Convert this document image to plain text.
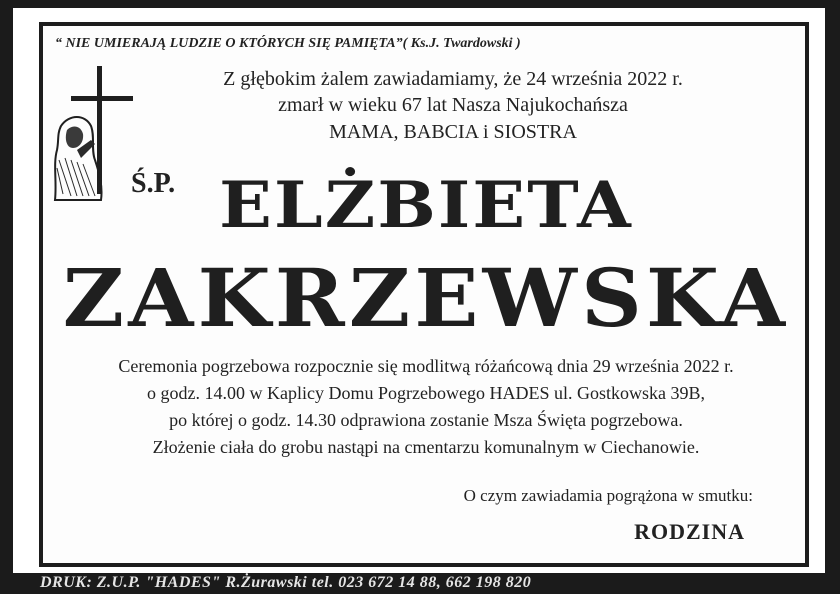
“ NIE UMIERAJĄ LUDZIE O KTÓRYCH SIĘ PAMIĘTA”( Ks.J. Twardowski )
Z głębokim żalem zawiadamiamy, że 24 września 2022 r.
zmarł w wieku 67 lat Nasza Najukochańsza
MAMA, BABCIA i SIOSTRA
Ś.P. ELŻBIETA
ZAKRZEWSKA
Ceremonia pogrzebowa rozpocznie się modlitwą różańcową dnia 29 września 2022 r.
o godz. 14.00 w Kaplicy Domu Pogrzebowego HADES ul. Gostkowska 39B,
po której o godz. 14.30 odprawiona zostanie Msza Święta pogrzebowa.
Złożenie ciała do grobu nastąpi na cmentarzu komunalnym w Ciechanowie.
O czym zawiadamia pogrążona w smutku:
RODZINA
DRUK: Z.U.P. "HADES" R.Żurawski tel. 023 672 14 88, 662 198 820
